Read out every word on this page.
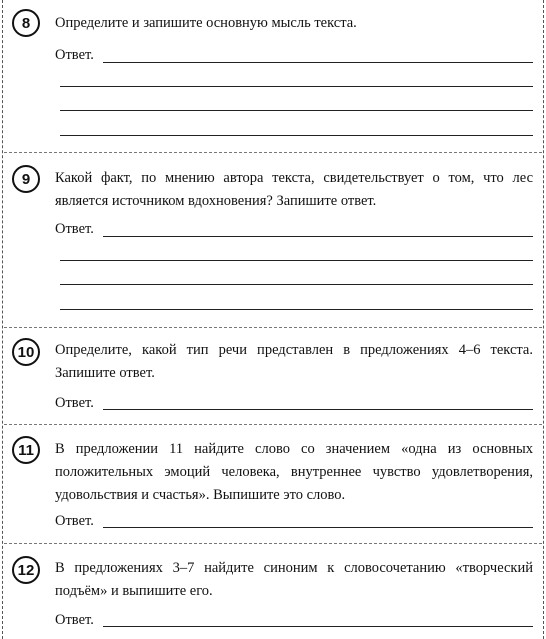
8	Определите и запишите основную мысль текста.
Ответ.
9	Какой факт, по мнению автора текста, свидетельствует о том, что лес является источником вдохновения? Запишите ответ.
Ответ.
10	Определите, какой тип речи представлен в предложениях 4–6 текста. Запишите ответ.
Ответ.
11	В предложении 11 найдите слово со значением «одна из основных положительных эмоций человека, внутреннее чувство удовлетворения, удовольствия и счастья». Выпишите это слово.
Ответ.
12	В предложениях 3–7 найдите синоним к словосочетанию «творческий подъём» и выпишите его.
Ответ.
